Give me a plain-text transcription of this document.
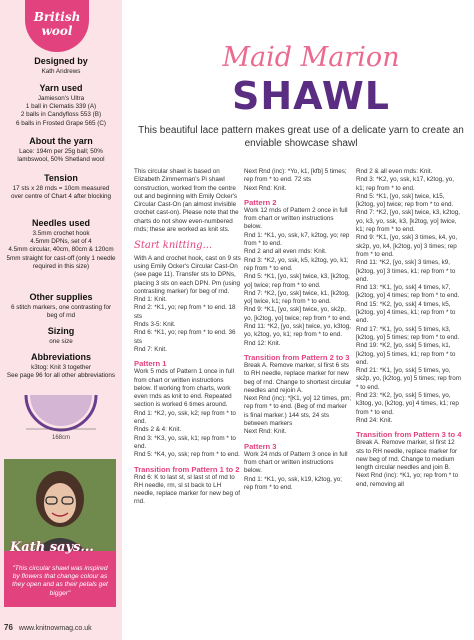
British wool
Designed by
Kath Andrews
Yarn used
Jamieson's Ultra
1 ball in Clematis 339 (A)
2 balls in Candyfloss 553 (B)
6 balls in Frosted Grape 565 (C)
About the yarn
Lace: 194m per 25g ball; 50% lambswool, 50% Shetland wool
Tension
17 sts x 28 rnds = 10cm measured over centre of Chart 4 after blocking
Needles used
3.5mm crochet hook
4.5mm DPNs, set of 4
4.5mm circular, 40cm, 80cm & 120cm
5mm straight for cast-off (only 1 needle required in this size)
Other supplies
6 stitch markers, one contrasting for beg of rnd
Sizing
one size
Abbreviations
k3tog: Knit 3 together
See page 96 for all other abbreviations
168cm
"This circular shawl was inspired by flowers that change colour as they open and as their petals get bigger"
Kath says...
76 www.knitnowmag.co.uk
Maid Marion
SHAWL
This beautiful lace pattern makes great use of a delicate yarn to create an enviable showcase shawl

This circular shawl is based on Elizabeth Zimmerman's Pi shawl construction, worked from the centre out and beginning with Emily Ocker's Circular Cast-On (an almost invisible crochet cast-on). Please note that the charts do not show even-numbered rnds; these are worked as knit sts.

Start knitting...

With A and crochet hook, cast on 9 sts using Emily Ocker's Circular Cast-On (see page 11). Transfer sts to DPNs, placing 3 sts on each DPN. Pm (using contrasting marker) for beg of rnd.

Rnd 1: Knit.

Rnd 2: *K1, yo; rep from * to end. 18 sts

Rnds 3-5: Knit.

Rnd 6: *K1, yo; rep from * to end. 36 sts

Rnd 7: Knit.

Pattern 1

Work 5 rnds of Pattern 1 once in full from chart or written instructions below. If working from charts, work even rnds as knit to end. Repeated section is worked 6 times around.

Rnd 1: *K2, yo, ssk, k2; rep from * to end.

Rnds 2 & 4: Knit.

Rnd 3: *K3, yo, ssk, k1; rep from * to end.

Rnd 5: *K4, yo, ssk; rep from * to end.

Transition from Pattern 1 to 2

Rnd 6: K to last st, sl last st of rnd to RH needle, rm, sl st back to LH needle, replace marker for new beg of rnd.

Next Rnd (inc): *Yo, k1, [kfb] 5 times; rep from * to end. 72 sts

Next Rnd: Knit.

Pattern 2

Work 12 rnds of Pattern 2 once in full from chart or written instructions below.

Rnd 1: *K1, yo, ssk, k7, k2tog, yo; rep from * to end.

Rnd 2 and all even rnds: Knit.

Rnd 3: *K2, yo, ssk, k5, k2tog, yo, k1; rep from * to end.

Rnd 5: *K1, [yo, ssk] twice, k3, [k2tog, yo] twice; rep from * to end.

Rnd 7: *K2, [yo, ssk] twice, k1, [k2tog, yo] twice, k1; rep from * to end.

Rnd 9: *K1, [yo, ssk] twice, yo, sk2p, yo, [k2tog, yo] twice; rep from * to end.

Rnd 11: *K2, [yo, ssk] twice, yo, k3tog, yo, k2tog, yo, k1; rep from * to end.

Rnd 12: Knit.

Transition from Pattern 2 to 3

Break A. Remove marker, sl first 6 sts to RH needle, replace marker for new beg of rnd. Change to shortest circular needles and rejoin A.

Next Rnd (inc): *[K1, yo] 12 times, pm; rep from * to end. (Beg of rnd marker is final marker.) 144 sts, 24 sts between markers

Next Rnd: Knit.

Pattern 3

Work 24 rnds of Pattern 3 once in full from chart or written instructions below.

Rnd 1: *K1, yo, ssk, k19, k2tog, yo; rep from * to end.

Rnd 2 & all even rnds: Knit.

Rnd 3: *K2, yo, ssk, k17, k2tog, yo, k1; rep from * to end.

Rnd 5: *K1, [yo, ssk] twice, k15, [k2tog, yo] twice; rep from * to end.

Rnd 7: *K2, [yo, ssk] twice, k3, k2tog, yo, k3, yo, ssk, k3, [k2tog, yo] twice, k1; rep from * to end.

Rnd 9: *K1, [yo, ssk] 3 times, k4, yo, sk2p, yo, k4, [k2tog, yo] 3 times; rep from * to end.

Rnd 11: *K2, [yo, ssk] 3 times, k9, [k2tog, yo] 3 times, k1; rep from * to end.

Rnd 13: *K1, [yo, ssk] 4 times, k7, [k2tog, yo] 4 times; rep from * to end.

Rnd 15: *K2, [yo, ssk] 4 times, k5, [k2tog, yo] 4 times, k1; rep from * to end.

Rnd 17: *K1, [yo, ssk] 5 times, k3, [k2tog, yo] 5 times; rep from * to end.

Rnd 19: *K2, [yo, ssk] 5 times, k1, [k2tog, yo] 5 times, k1; rep from * to end.

Rnd 21: *K1, [yo, ssk] 5 times, yo, sk2p, yo, [k2tog, yo] 5 times; rep from * to end.

Rnd 23: *K2, [yo, ssk] 5 times, yo, k3tog, yo, [k2tog, yo] 4 times, k1; rep from * to end.

Rnd 24: Knit.

Transition from Pattern 3 to 4

Break A. Remove marker, sl first 12 sts to RH needle, replace marker for new beg of rnd. Change to medium length circular needles and join B.

Next Rnd (inc): *K1, yo; rep from * to end, removing all
